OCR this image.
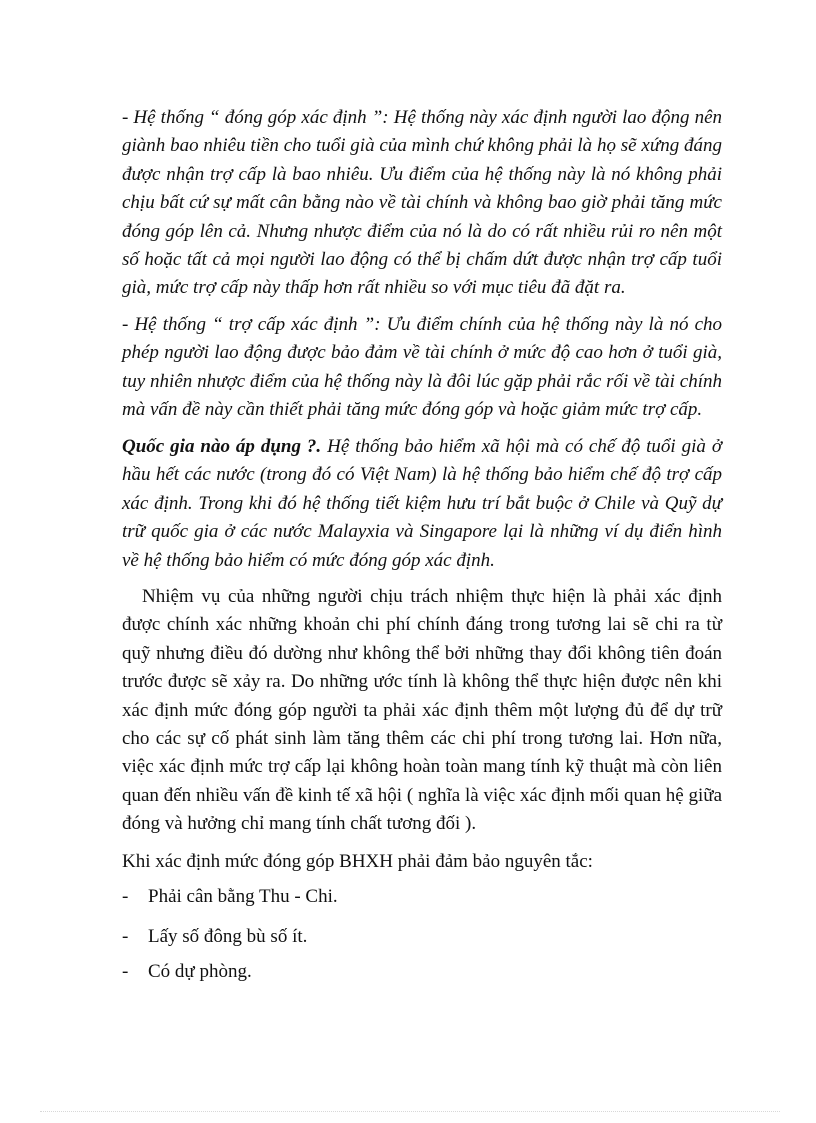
- Hệ thống “ đóng góp xác định ”: Hệ thống này xác định người lao động nên giành bao nhiêu tiền cho tuổi già của mình chứ không phải là họ sẽ xứng đáng được nhận trợ cấp là bao nhiêu. Ưu điểm của hệ thống này là nó không phải chịu bất cứ sự mất cân bằng nào về tài chính và không bao giờ phải tăng mức đóng góp lên cả. Nhưng nhược điểm của nó là do có rất nhiều rủi ro nên một số hoặc tất cả mọi người lao động có thể bị chấm dứt được nhận trợ cấp tuổi già, mức trợ cấp này thấp hơn rất nhiều so với mục tiêu đã đặt ra.

- Hệ thống “ trợ cấp xác định ”: Ưu điểm chính của hệ thống này là nó cho phép người lao động được bảo đảm về tài chính ở mức độ cao hơn ở tuổi già, tuy nhiên nhược điểm của hệ thống này là đôi lúc gặp phải rắc rối về tài chính mà vấn đề này cần thiết phải tăng mức đóng góp và hoặc giảm mức trợ cấp.

Quốc gia nào áp dụng ?. Hệ thống bảo hiểm xã hội mà có chế độ tuổi già ở hầu hết các nước (trong đó có Việt Nam) là hệ thống bảo hiểm chế độ trợ cấp xác định. Trong khi đó hệ thống tiết kiệm hưu trí bắt buộc ở Chile và Quỹ dự trữ quốc gia ở các nước Malayxia và Singapore lại là những ví dụ điển hình về hệ thống bảo hiểm có mức đóng góp xác định.

Nhiệm vụ của những người chịu trách nhiệm thực hiện là phải xác định được chính xác những khoản chi phí chính đáng trong tương lai sẽ chi ra từ quỹ nhưng điều đó dường như không thể bởi những thay đổi không tiên đoán trước được sẽ xảy ra. Do những ước tính là không thể thực hiện được nên khi xác định mức đóng góp người ta phải xác định thêm một lượng đủ để dự trữ cho các sự cố phát sinh làm tăng thêm các chi phí trong tương lai. Hơn nữa, việc xác định mức trợ cấp lại không hoàn toàn mang tính kỹ thuật mà còn liên quan đến nhiều vấn đề kinh tế xã hội ( nghĩa là việc xác định mối quan hệ giữa đóng và hưởng chỉ mang tính chất tương đối ).

Khi xác định mức đóng góp BHXH phải đảm bảo nguyên tắc:

- Phải cân bằng Thu - Chi.

- Lấy số đông bù số ít.

- Có dự phòng.
